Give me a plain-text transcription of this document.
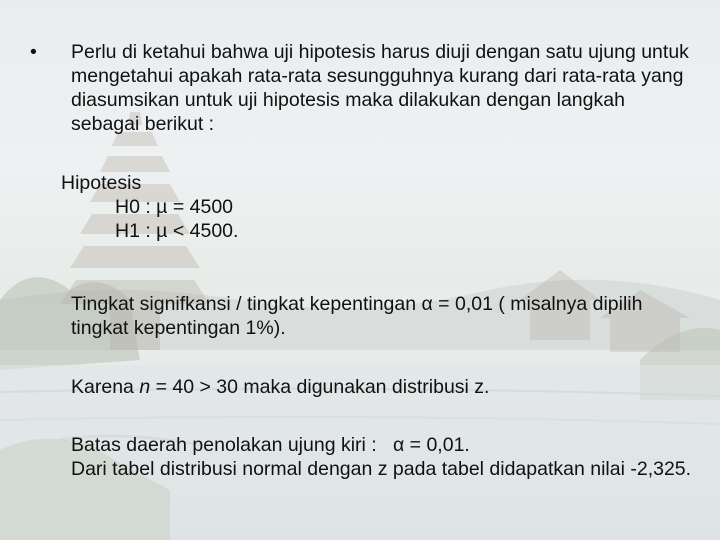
• Perlu di ketahui bahwa uji hipotesis harus diuji dengan satu ujung untuk mengetahui apakah rata-rata sesungguhnya kurang dari rata-rata yang diasumsikan untuk uji hipotesis maka dilakukan dengan langkah sebagai berikut :
Hipotesis
H0 : µ = 4500
H1 : µ < 4500.
Tingkat signifkansi / tingkat kepentingan α = 0,01 ( misalnya dipilih tingkat kepentingan 1%).
Karena n = 40 > 30 maka digunakan distribusi z.
Batas daerah penolakan ujung kiri :   α = 0,01.
Dari tabel distribusi normal dengan z pada tabel didapatkan nilai -2,325.
